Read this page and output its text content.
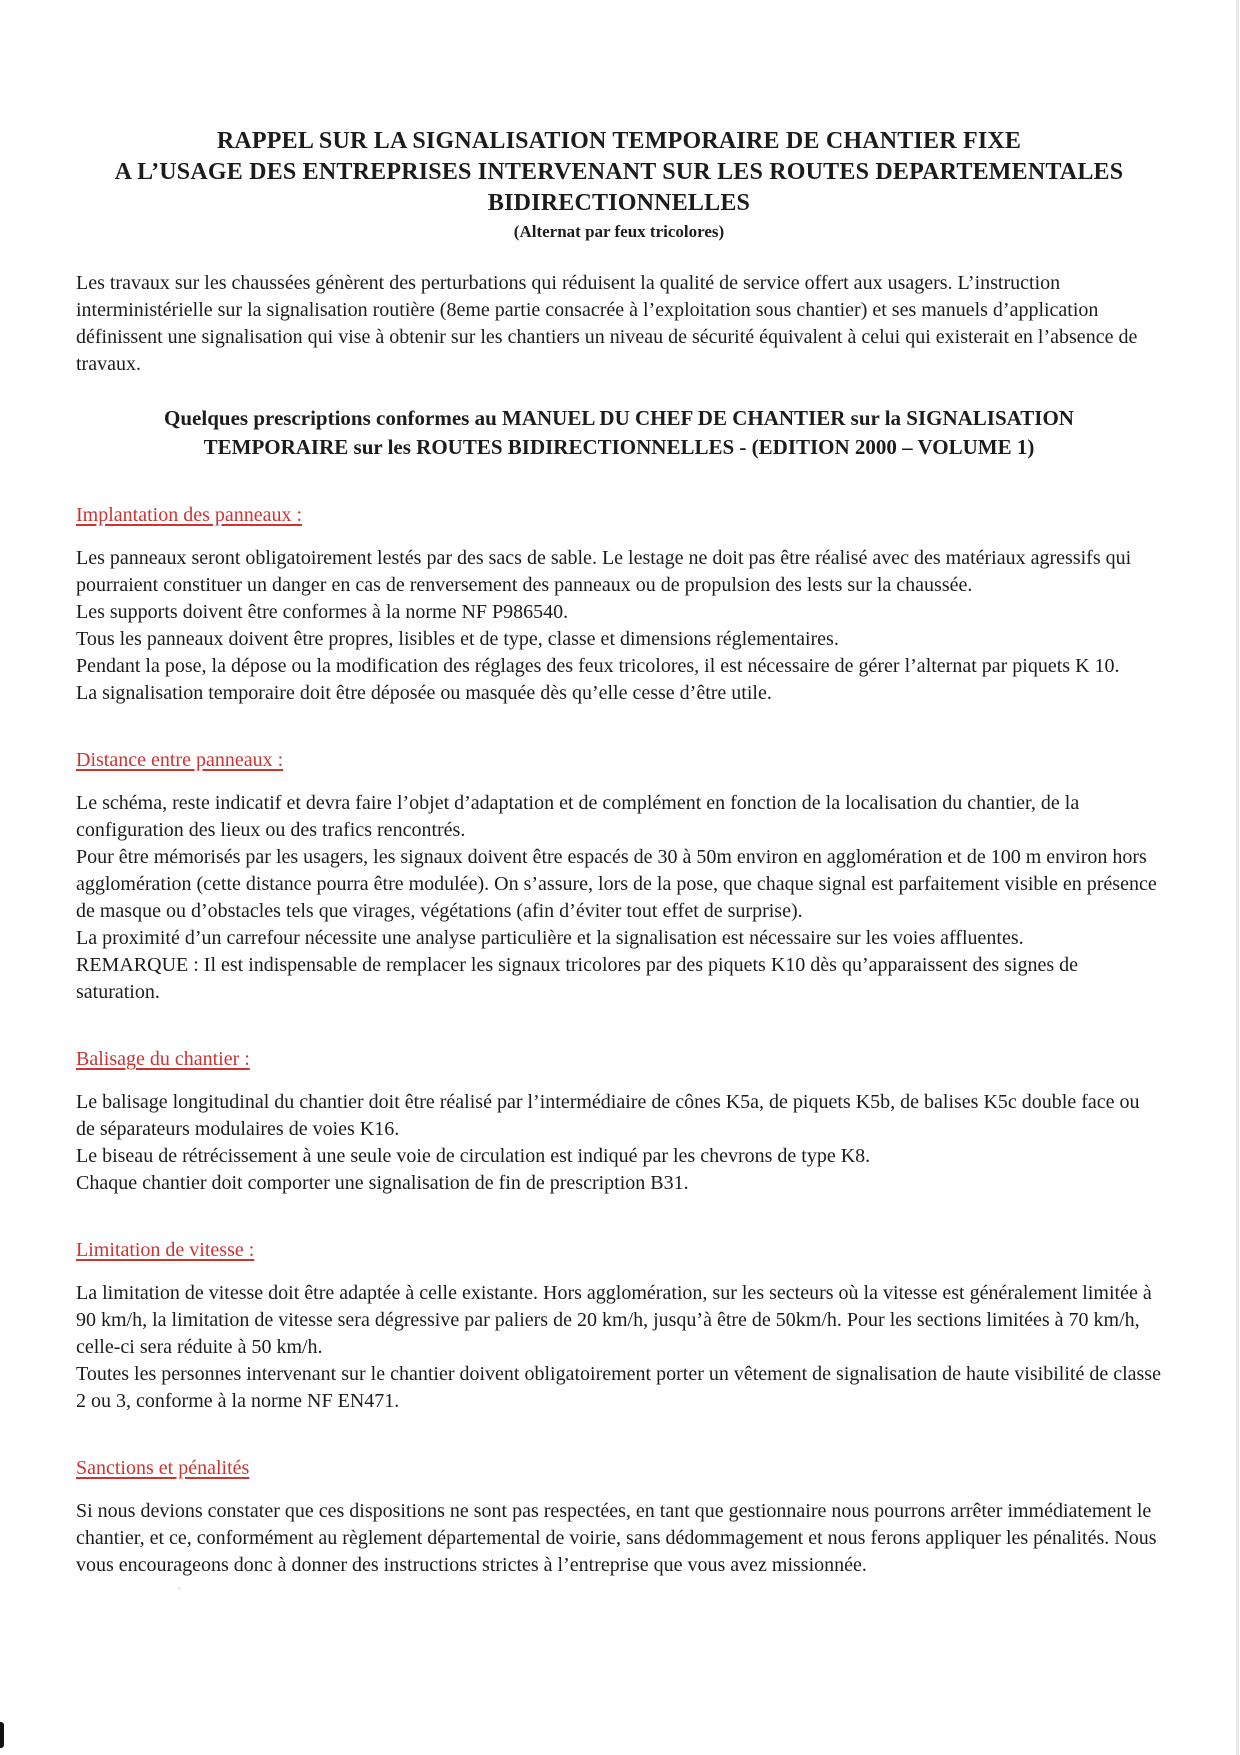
RAPPEL SUR LA SIGNALISATION TEMPORAIRE DE CHANTIER FIXE
A L’USAGE DES ENTREPRISES INTERVENANT SUR LES ROUTES DEPARTEMENTALES
BIDIRECTIONNELLES
(Alternat par feux tricolores)

Les travaux sur les chaussées génèrent des perturbations qui réduisent la qualité de service offert aux usagers. L’instruction interministérielle sur la signalisation routière (8eme partie consacrée à l’exploitation sous chantier) et ses manuels d’application définissent une signalisation qui vise à obtenir sur les chantiers un niveau de sécurité équivalent à celui qui existerait en l’absence de travaux.

Quelques prescriptions conformes au MANUEL DU CHEF DE CHANTIER sur la SIGNALISATION TEMPORAIRE sur les ROUTES BIDIRECTIONNELLES - (EDITION 2000 – VOLUME 1)
Implantation des panneaux :

Les panneaux seront obligatoirement lestés par des sacs de sable. Le lestage ne doit pas être réalisé avec des matériaux agressifs qui pourraient constituer un danger en cas de renversement des panneaux ou de propulsion des lests sur la chaussée.

Les supports doivent être conformes à la norme NF P986540.

Tous les panneaux doivent être propres, lisibles et de type, classe et dimensions réglementaires.

Pendant la pose, la dépose ou la modification des réglages des feux tricolores, il est nécessaire de gérer l’alternat par piquets K 10.

La signalisation temporaire doit être déposée ou masquée dès qu’elle cesse d’être utile.

Distance entre panneaux :

Le schéma, reste indicatif et devra faire l’objet d’adaptation et de complément en fonction de la localisation du chantier, de la configuration des lieux ou des trafics rencontrés.

Pour être mémorisés par les usagers, les signaux doivent être espacés de 30 à 50m environ en agglomération et de 100 m environ hors agglomération (cette distance pourra être modulée). On s’assure, lors de la pose, que chaque signal est parfaitement visible en présence de masque ou d’obstacles tels que virages, végétations (afin d’éviter tout effet de surprise).

La proximité d’un carrefour nécessite une analyse particulière et la signalisation est nécessaire sur les voies affluentes.

REMARQUE : Il est indispensable de remplacer les signaux tricolores par des piquets K10 dès qu’apparaissent des signes de saturation.

Balisage du chantier :

Le balisage longitudinal du chantier doit être réalisé par l’intermédiaire de cônes K5a, de piquets K5b, de balises K5c double face ou de séparateurs modulaires de voies K16.

Le biseau de rétrécissement à une seule voie de circulation est indiqué par les chevrons de type K8.

Chaque chantier doit comporter une signalisation de fin de prescription B31.

Limitation de vitesse :

La limitation de vitesse doit être adaptée à celle existante. Hors agglomération, sur les secteurs où la vitesse est généralement limitée à 90 km/h, la limitation de vitesse sera dégressive par paliers de 20 km/h, jusqu’à être de 50km/h. Pour les sections limitées à 70 km/h, celle-ci sera réduite à 50 km/h.

Toutes les personnes intervenant sur le chantier doivent obligatoirement porter un vêtement de signalisation de haute visibilité de classe 2 ou 3, conforme à la norme NF EN471.

Sanctions et pénalités

Si nous devions constater que ces dispositions ne sont pas respectées, en tant que gestionnaire nous pourrons arrêter immédiatement le chantier, et ce, conformément au règlement départemental de voirie, sans dédommagement et nous ferons appliquer les pénalités. Nous vous encourageons donc à donner des instructions strictes à l’entreprise que vous avez missionnée.
